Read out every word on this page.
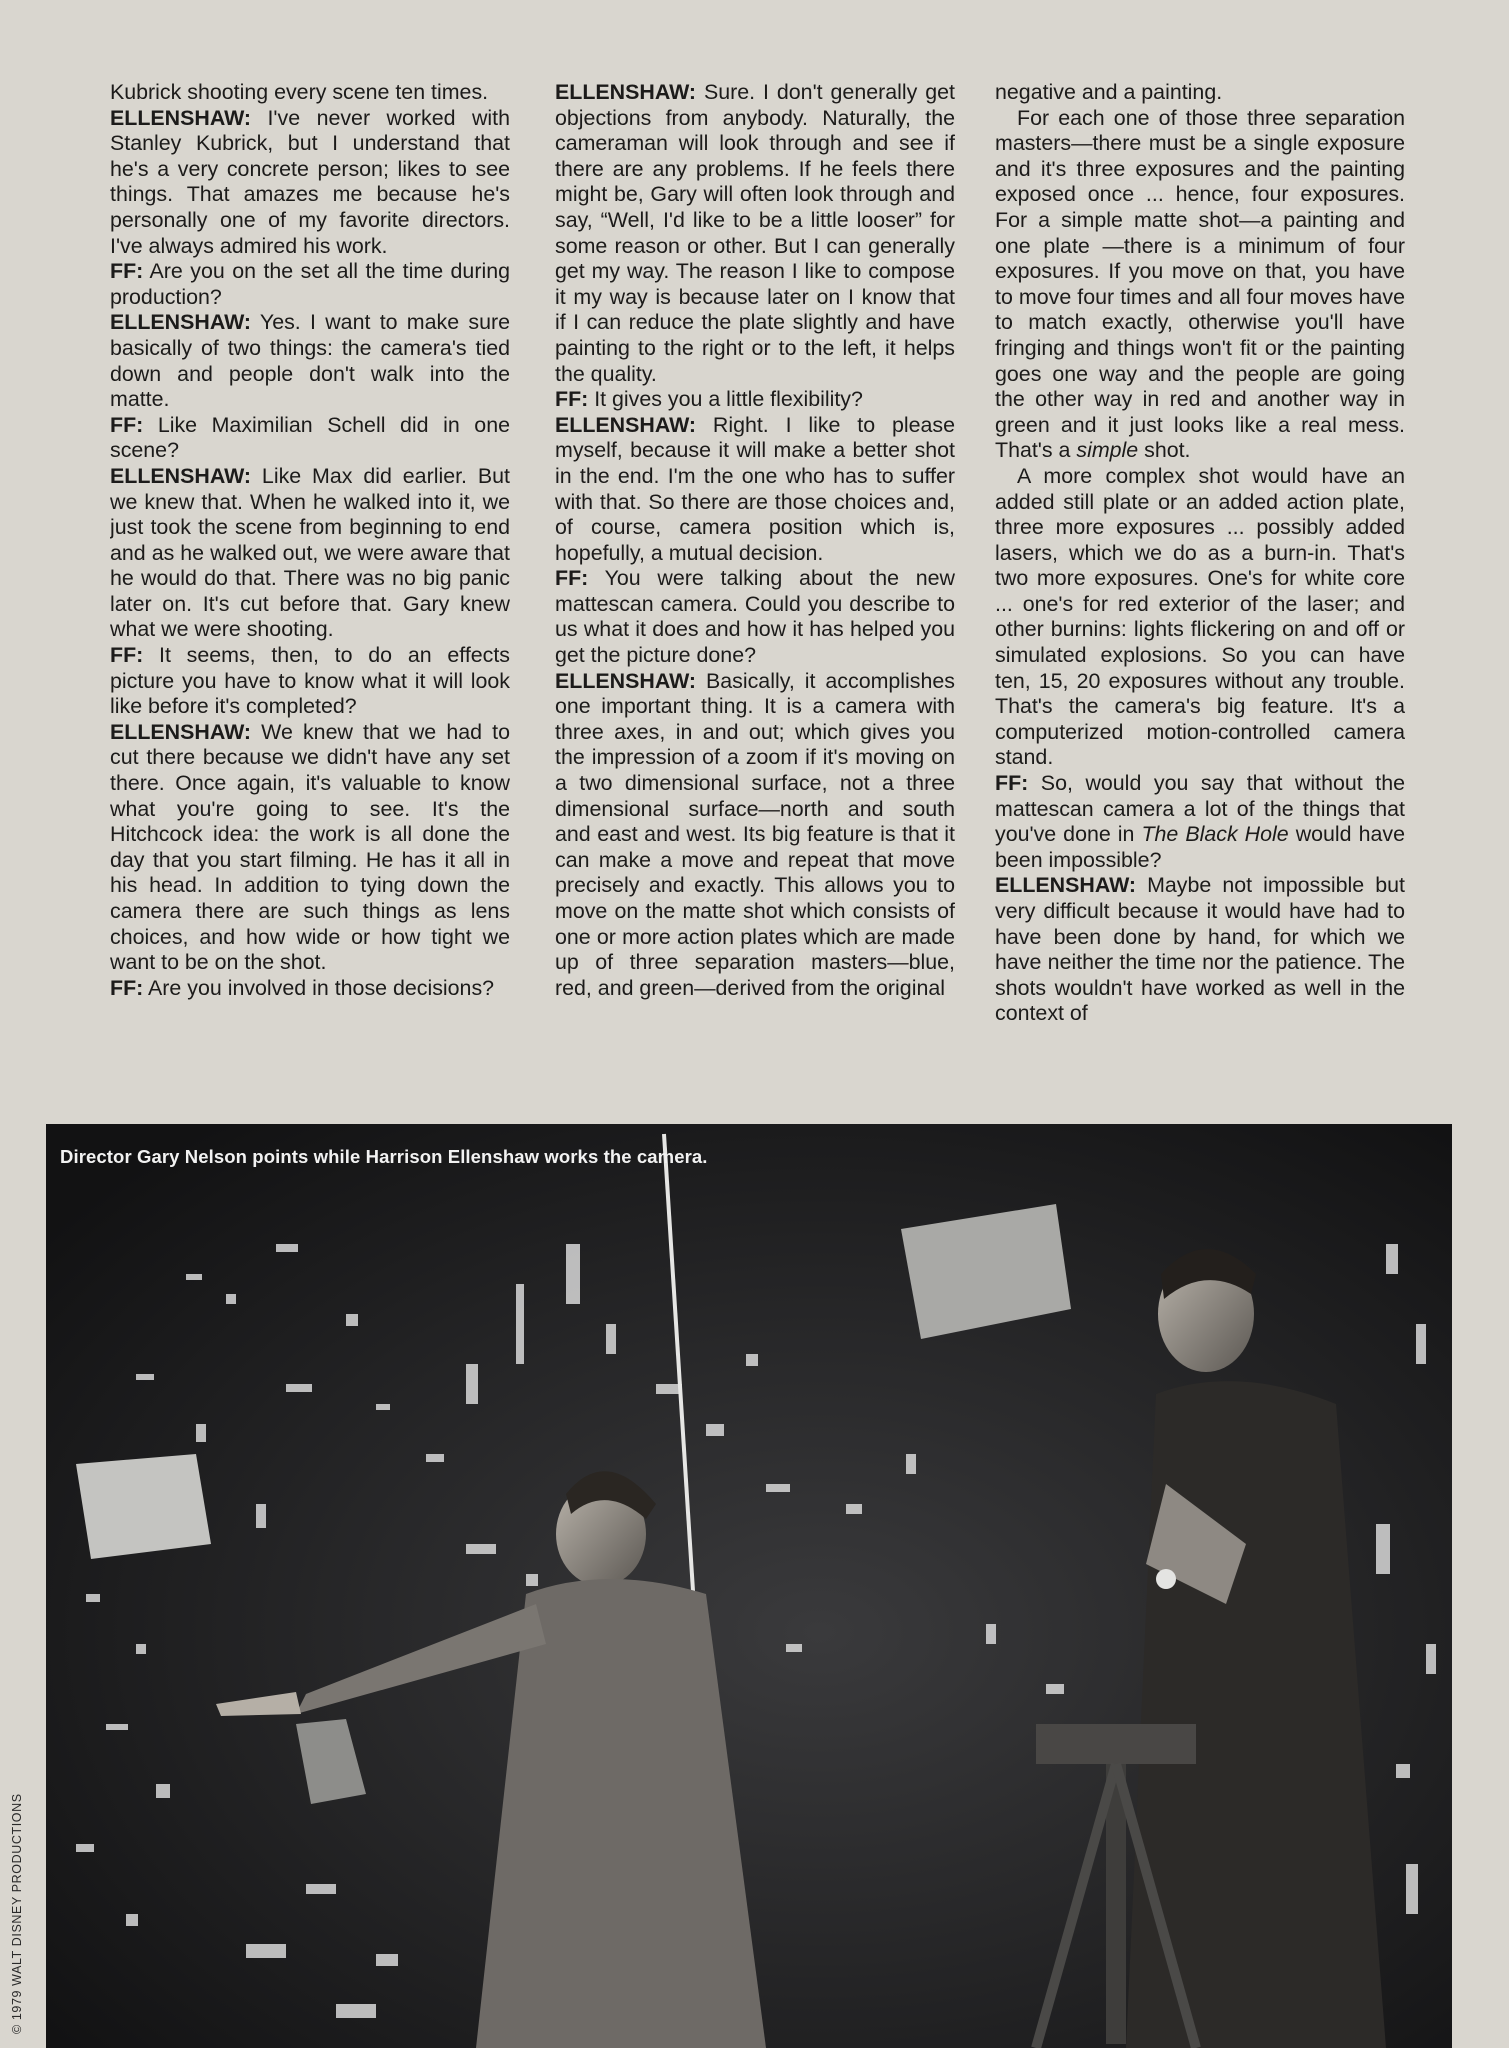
Kubrick shooting every scene ten times.

ELLENSHAW: I've never worked with Stanley Kubrick, but I understand that he's a very concrete person; likes to see things. That amazes me because he's personally one of my favorite directors. I've always admired his work.

FF: Are you on the set all the time during production?

ELLENSHAW: Yes. I want to make sure basically of two things: the camera's tied down and people don't walk into the matte.

FF: Like Maximilian Schell did in one scene?

ELLENSHAW: Like Max did earlier. But we knew that. When he walked into it, we just took the scene from beginning to end and as he walked out, we were aware that he would do that. There was no big panic later on. It's cut before that. Gary knew what we were shooting.

FF: It seems, then, to do an effects picture you have to know what it will look like before it's completed?

ELLENSHAW: We knew that we had to cut there because we didn't have any set there. Once again, it's valuable to know what you're going to see. It's the Hitchcock idea: the work is all done the day that you start filming. He has it all in his head. In addition to tying down the camera there are such things as lens choices, and how wide or how tight we want to be on the shot.

FF: Are you involved in those decisions?

ELLENSHAW: Sure. I don't generally get objections from anybody. Naturally, the cameraman will look through and see if there are any problems. If he feels there might be, Gary will often look through and say, “Well, I'd like to be a little looser” for some reason or other. But I can generally get my way. The reason I like to compose it my way is because later on I know that if I can reduce the plate slightly and have painting to the right or to the left, it helps the quality.

FF: It gives you a little flexibility?

ELLENSHAW: Right. I like to please myself, because it will make a better shot in the end. I'm the one who has to suffer with that. So there are those choices and, of course, camera position which is, hopefully, a mutual decision.

FF: You were talking about the new mattescan camera. Could you describe to us what it does and how it has helped you get the picture done?

ELLENSHAW: Basically, it accomplishes one important thing. It is a camera with three axes, in and out; which gives you the impression of a zoom if it's moving on a two dimensional surface, not a three dimensional surface—north and south and east and west. Its big feature is that it can make a move and repeat that move precisely and exactly. This allows you to move on the matte shot which consists of one or more action plates which are made up of three separation masters—blue, red, and green—derived from the original

negative and a painting.

For each one of those three separation masters—there must be a single exposure and it's three exposures and the painting exposed once ... hence, four exposures. For a simple matte shot—a painting and one plate —there is a minimum of four exposures. If you move on that, you have to move four times and all four moves have to match exactly, otherwise you'll have fringing and things won't fit or the painting goes one way and the people are going the other way in red and another way in green and it just looks like a real mess. That's a simple shot.

A more complex shot would have an added still plate or an added action plate, three more exposures ... possibly added lasers, which we do as a burn-in. That's two more exposures. One's for white core ... one's for red exterior of the laser; and other burnins: lights flickering on and off or simulated explosions. So you can have ten, 15, 20 exposures without any trouble. That's the camera's big feature. It's a computerized motion-controlled camera stand.

FF: So, would you say that without the mattescan camera a lot of the things that you've done in The Black Hole would have been impossible?

ELLENSHAW: Maybe not impossible but very difficult because it would have had to have been done by hand, for which we have neither the time nor the patience. The shots wouldn't have worked as well in the context of

Director Gary Nelson points while Harrison Ellenshaw works the camera.
© 1979 WALT DISNEY PRODUCTIONS
